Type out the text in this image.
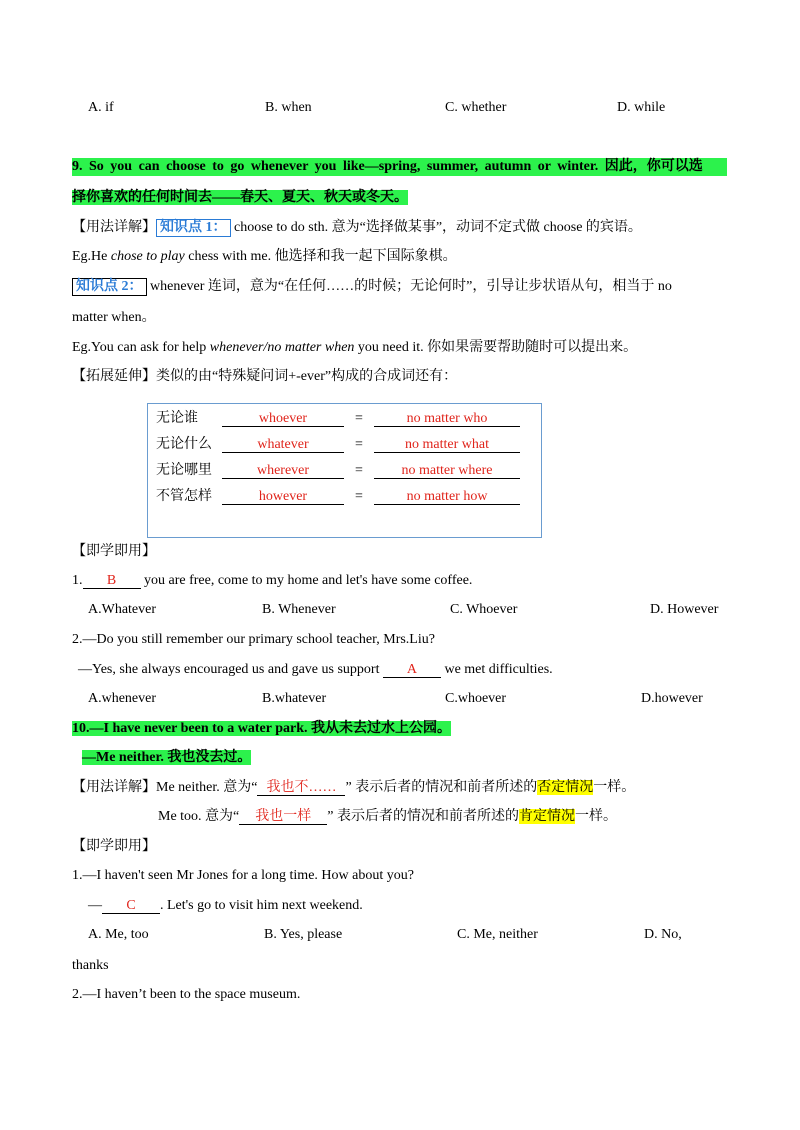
A. if	B. when	C. whether	D. while
9. So you can choose to go whenever you like—spring, summer, autumn or winter. 因此，你可以选
择你喜欢的任何时间去——春天、夏天、秋天或冬天。
【用法详解】 知识点 1： choose to do sth. 意为“选择做某事”，动词不定式做 choose 的宾语。
Eg.He chose to play chess with me. 他选择和我一起下国际象棋。
知识点 2： whenever 连词，意为“在任何……的时候；无论何时”，引导让步状语从句，相当于 no
matter when。
Eg.You can ask for help whenever/no matter when you need it. 你如果需要帮助随时可以提出来。
【拓展延伸】类似的由“特殊疑问词+-ever”构成的合成词还有：
无论谁	whoever	=	no matter who
无论什么	whatever	=	no matter what
无论哪里	wherever	=	no matter where
不管怎样	however	=	no matter how
【即学即用】
1. B you are free, come to my home and let's have some coffee.
A.Whatever	B. Whenever	C. Whoever	D. However
2.—Do you still remember our primary school teacher, Mrs.Liu?
—Yes, she always encouraged us and gave us support A we met difficulties.
A.whenever	B.whatever	C.whoever	D.however
10.—I have never been to a water park. 我从未去过水上公园。
—Me neither. 我也没去过。
【用法详解】Me neither. 意为“ 我也不…… ” 表示后者的情况和前者所述的否定情况一样。
Me too. 意为“ 我也一样 ” 表示后者的情况和前者所述的肯定情况一样。
【即学即用】
1.—I haven't seen Mr Jones for a long time. How about you?
— C . Let's go to visit him next weekend.
A. Me, too	B. Yes, please	C. Me, neither	D. No,
thanks
2.—I haven’t been to the space museum.
